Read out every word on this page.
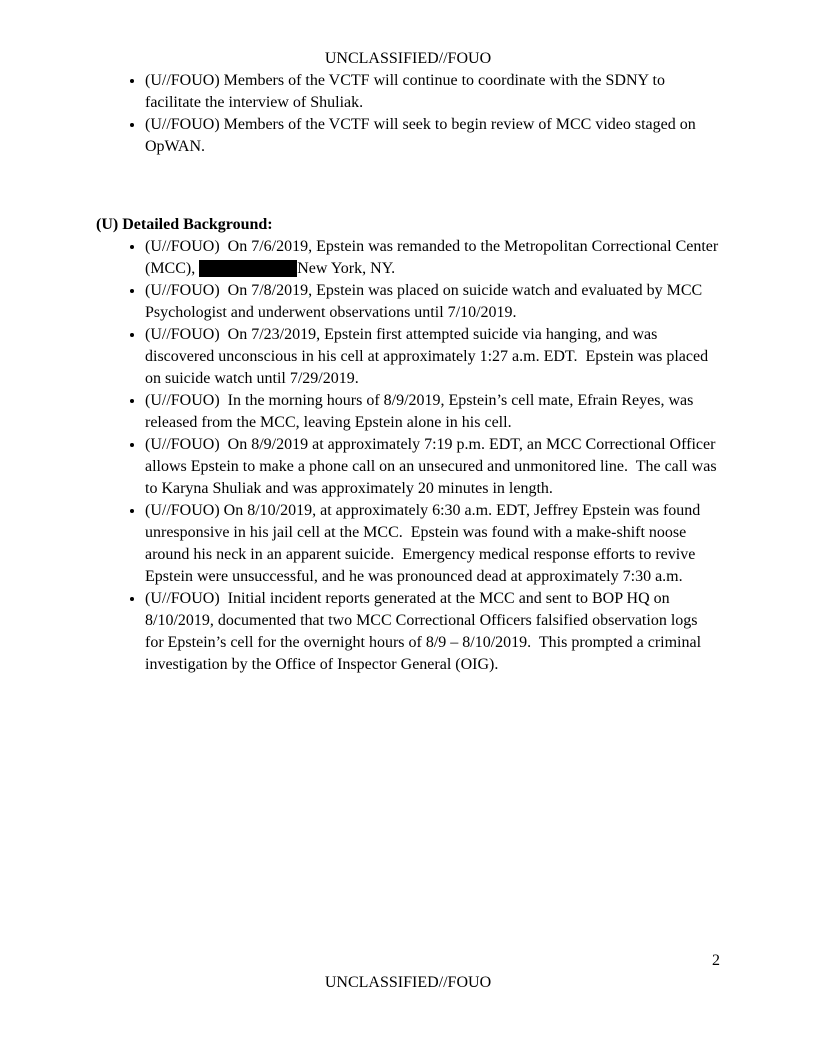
UNCLASSIFIED//FOUO
• (U//FOUO) Members of the VCTF will continue to coordinate with the SDNY to facilitate the interview of Shuliak.
• (U//FOUO) Members of the VCTF will seek to begin review of MCC video staged on OpWAN.
(U) Detailed Background:
• (U//FOUO)  On 7/6/2019, Epstein was remanded to the Metropolitan Correctional Center (MCC),	New York, NY.
• (U//FOUO)  On 7/8/2019, Epstein was placed on suicide watch and evaluated by MCC Psychologist and underwent observations until 7/10/2019.
• (U//FOUO)  On 7/23/2019, Epstein first attempted suicide via hanging, and was discovered unconscious in his cell at approximately 1:27 a.m. EDT.  Epstein was placed on suicide watch until 7/29/2019.
• (U//FOUO)  In the morning hours of 8/9/2019, Epstein’s cell mate, Efrain Reyes, was released from the MCC, leaving Epstein alone in his cell.
• (U//FOUO)  On 8/9/2019 at approximately 7:19 p.m. EDT, an MCC Correctional Officer allows Epstein to make a phone call on an unsecured and unmonitored line.  The call was to Karyna Shuliak and was approximately 20 minutes in length.
• (U//FOUO) On 8/10/2019, at approximately 6:30 a.m. EDT, Jeffrey Epstein was found unresponsive in his jail cell at the MCC.  Epstein was found with a make-shift noose around his neck in an apparent suicide.  Emergency medical response efforts to revive Epstein were unsuccessful, and he was pronounced dead at approximately 7:30 a.m.
• (U//FOUO)  Initial incident reports generated at the MCC and sent to BOP HQ on 8/10/2019, documented that two MCC Correctional Officers falsified observation logs for Epstein’s cell for the overnight hours of 8/9 – 8/10/2019.  This prompted a criminal investigation by the Office of Inspector General (OIG).
2
UNCLASSIFIED//FOUO
